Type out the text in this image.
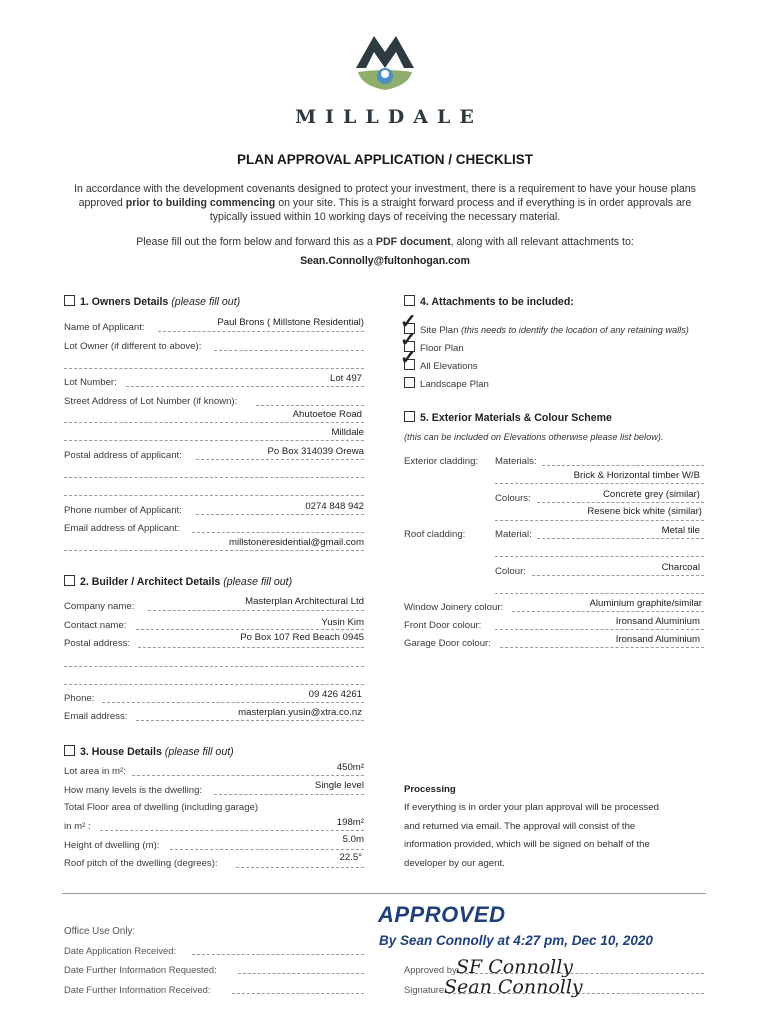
MILLDALE
PLAN APPROVAL APPLICATION / CHECKLIST
In accordance with the development covenants designed to protect your investment, there is a requirement to have your house plans approved prior to building commencing on your site. This is a straight forward process and if everything is in order approvals are typically issued within 10 working days of receiving the necessary material.
Please fill out the form below and forward this as a PDF document, along with all relevant attachments to:
Sean.Connolly@fultonhogan.com
1. Owners Details (please fill out)
Name of Applicant:	Paul Brons ( Millstone Residential)
Lot Owner (if different to above):
Lot Number:	Lot 497
Street Address of Lot Number (if known):
Ahutoetoe Road
Milldale
Postal address of applicant:	Po Box 314039 Orewa
Phone number of Applicant:	0274 848 942
Email address of Applicant:
millstoneresidential@gmail.com
2. Builder / Architect Details (please fill out)
Company name:	Masterplan Architectural Ltd
Contact name:	Yusin Kim
Postal address:
Po Box 107 Red Beach 0945
Phone:	09 426 4261
Email address:	masterplan.yusin@xtra.co.nz
3. House Details (please fill out)
Lot area in m²:	450m²
How many levels is the dwelling:	Single level
Total Floor area of dwelling (including garage)
in m² :	198m²
Height of dwelling (m):
5.0m
Roof pitch of the dwelling (degrees):
22.5°
4. Attachments to be included:
Site Plan (this needs to identify the location of any retaining walls)
✓
Floor Plan
✓
All Elevations
✓
Landscape Plan
5. Exterior Materials & Colour Scheme
(this can be included on Elevations otherwise please list below).
Exterior cladding: Materials:
Brick & Horizontal timber W/B
Colours:	Concrete grey (similar)
Resene bick white (similar)
Roof cladding:	Material:	Metal tile
Colour:	Charcoal
Window Joinery colour:	Aluminium graphite/similar
Front Door colour:	Ironsand Aluminium
Garage Door colour:	Ironsand Aluminium
Processing
If everything is in order your plan approval will be processed
and returned via email. The approval will consist of the
information provided, which will be signed on behalf of the
developer by our agent.
Office Use Only:
Date Application Received:
Date Further Information Requested:
Date Further Information Received:
Approved by:
Signature:
APPROVED
By Sean Connolly at 4:27 pm, Dec 10, 2020
SF Connolly
Sean Connolly
